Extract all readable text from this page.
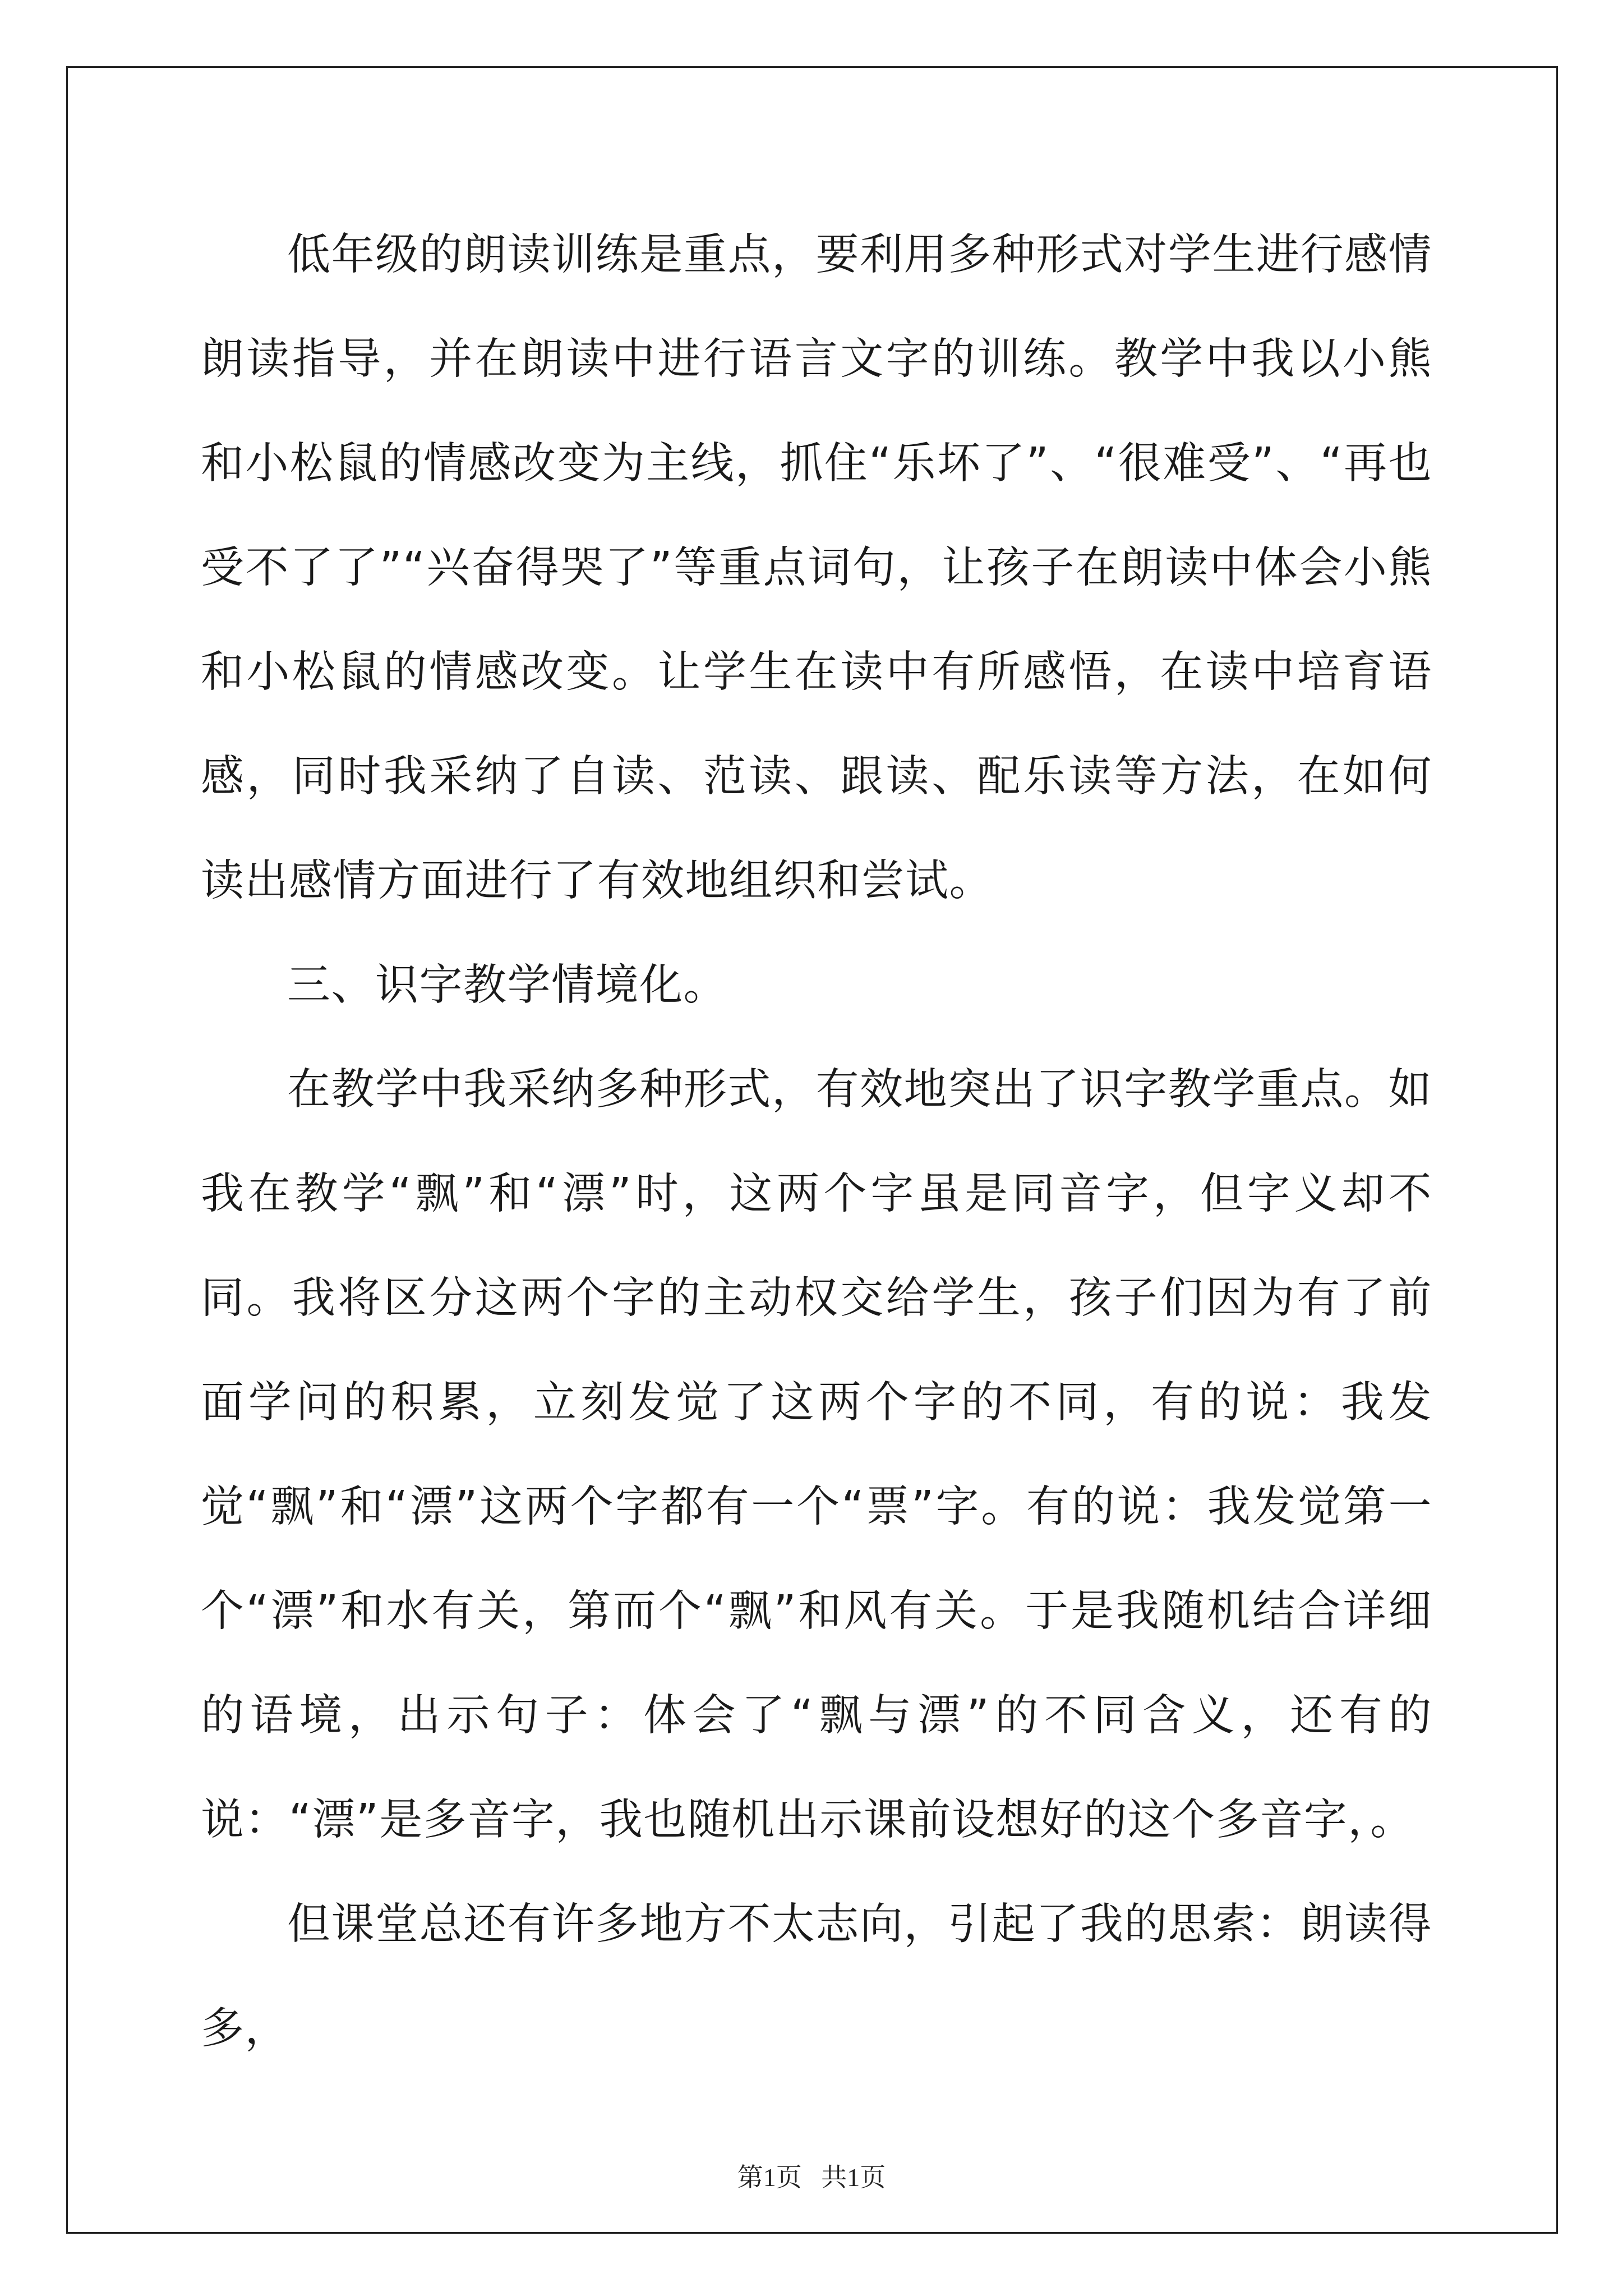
低年级的朗读训练是重点，要利用多种形式对学生进行感情朗读指导，并在朗读中进行语言文字的训练。教学中我以小熊和小松鼠的情感改变为主线，抓住“乐坏了”、“很难受”、“再也受不了了”“兴奋得哭了”等重点词句，让孩子在朗读中体会小熊和小松鼠的情感改变。让学生在读中有所感悟，在读中培育语感，同时我采纳了自读、范读、跟读、配乐读等方法，在如何读出感情方面进行了有效地组织和尝试。

三、识字教学情境化。

在教学中我采纳多种形式，有效地突出了识字教学重点。如我在教学“飘”和“漂”时，这两个字虽是同音字，但字义却不同。我将区分这两个字的主动权交给学生，孩子们因为有了前面学问的积累，立刻发觉了这两个字的不同，有的说：我发觉“飘”和“漂”这两个字都有一个“票”字。有的说：我发觉第一个“漂”和水有关，第而个“飘”和风有关。于是我随机结合详细的语境，出示句子：体会了“飘与漂”的不同含义，还有的说：“漂”是多音字，我也随机出示课前设想好的这个多音字，。

但课堂总还有许多地方不太志向，引起了我的思索：朗读得多，

第1页   共1页
